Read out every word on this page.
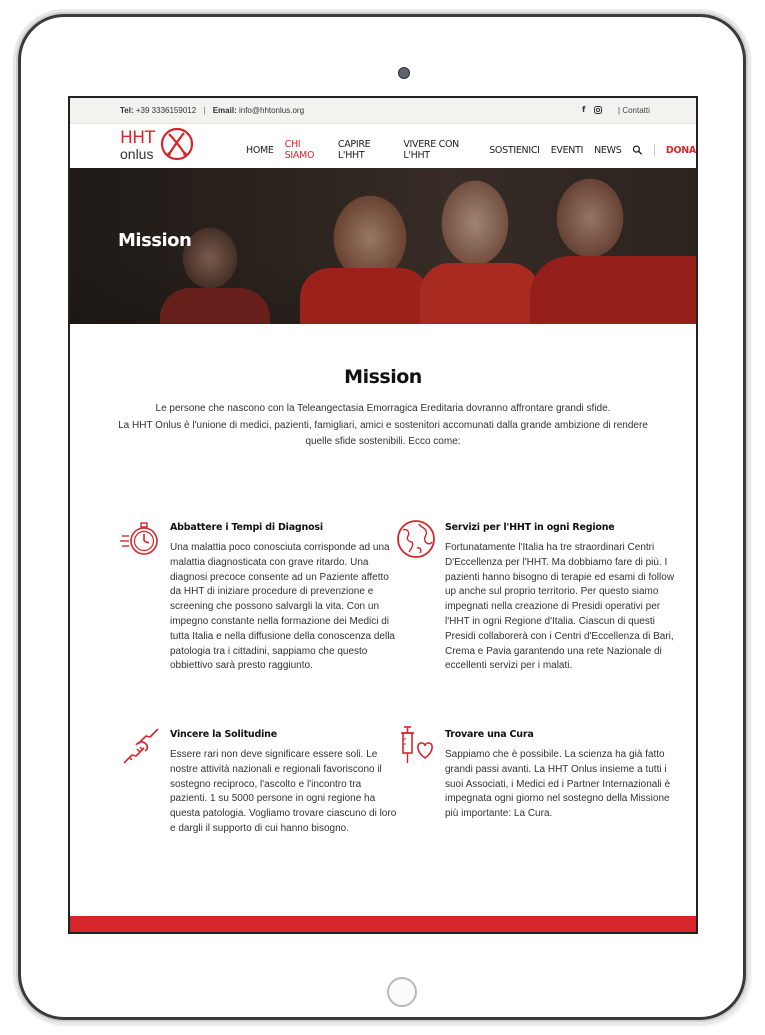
Tel: +39 3336159012 | Email: info@hhtonlus.org	f	| Contatti
HHT
onlus	HOME CHI SIAMO
CAPIRE L'HHT
VIVERE CON L'HHT	SOSTIENICI EVENTI NEWS	DONA
Mission
Mission
Le persone che nascono con la Teleangectasia Emorragica Ereditaria dovranno affrontare grandi sfide.
La HHT Onlus è l'unione di medici, pazienti, famigliari, amici e sostenitori accomunati dalla grande ambizione di rendere quelle sfide sostenibili. Ecco come:
Abbattere i Tempi di Diagnosi

Una malattia poco conosciuta corrisponde ad una malattia diagnosticata con grave ritardo. Una diagnosi precoce consente ad un Paziente affetto da HHT di iniziare procedure di prevenzione e screening che possono salvargli la vita. Con un impegno constante nella formazione dei Medici di tutta Italia e nella diffusione della conoscenza della patologia tra i cittadini, sappiamo che questo obbiettivo sarà presto raggiunto.

Servizi per l'HHT in ogni Regione

Fortunatamente l'Italia ha tre straordinari Centri D'Eccellenza per l'HHT. Ma dobbiamo fare di più. I pazienti hanno bisogno di terapie ed esami di follow up anche sul proprio territorio. Per questo siamo impegnati nella creazione di Presidi operativi per l'HHT in ogni Regione d'Italia. Ciascun di questi Presidi collaborerà con i Centri d'Eccellenza di Bari, Crema e Pavia garantendo una rete Nazionale di eccellenti servizi per i malati.

Vincere la Solitudine

Essere rari non deve significare essere soli. Le nostre attività nazionali e regionali favoriscono il sostegno reciproco, l'ascolto e l'incontro tra pazienti. 1 su 5000 persone in ogni regione ha questa patologia. Vogliamo trovare ciascuno di loro e dargli il supporto di cui hanno bisogno.

Trovare una Cura

Sappiamo che è possibile. La scienza ha già fatto grandi passi avanti. La HHT Onlus insieme a tutti i suoi Associati, i Medici ed i Partner Internazionali è impegnata ogni giorno nel sostegno della Missione più importante: La Cura.
